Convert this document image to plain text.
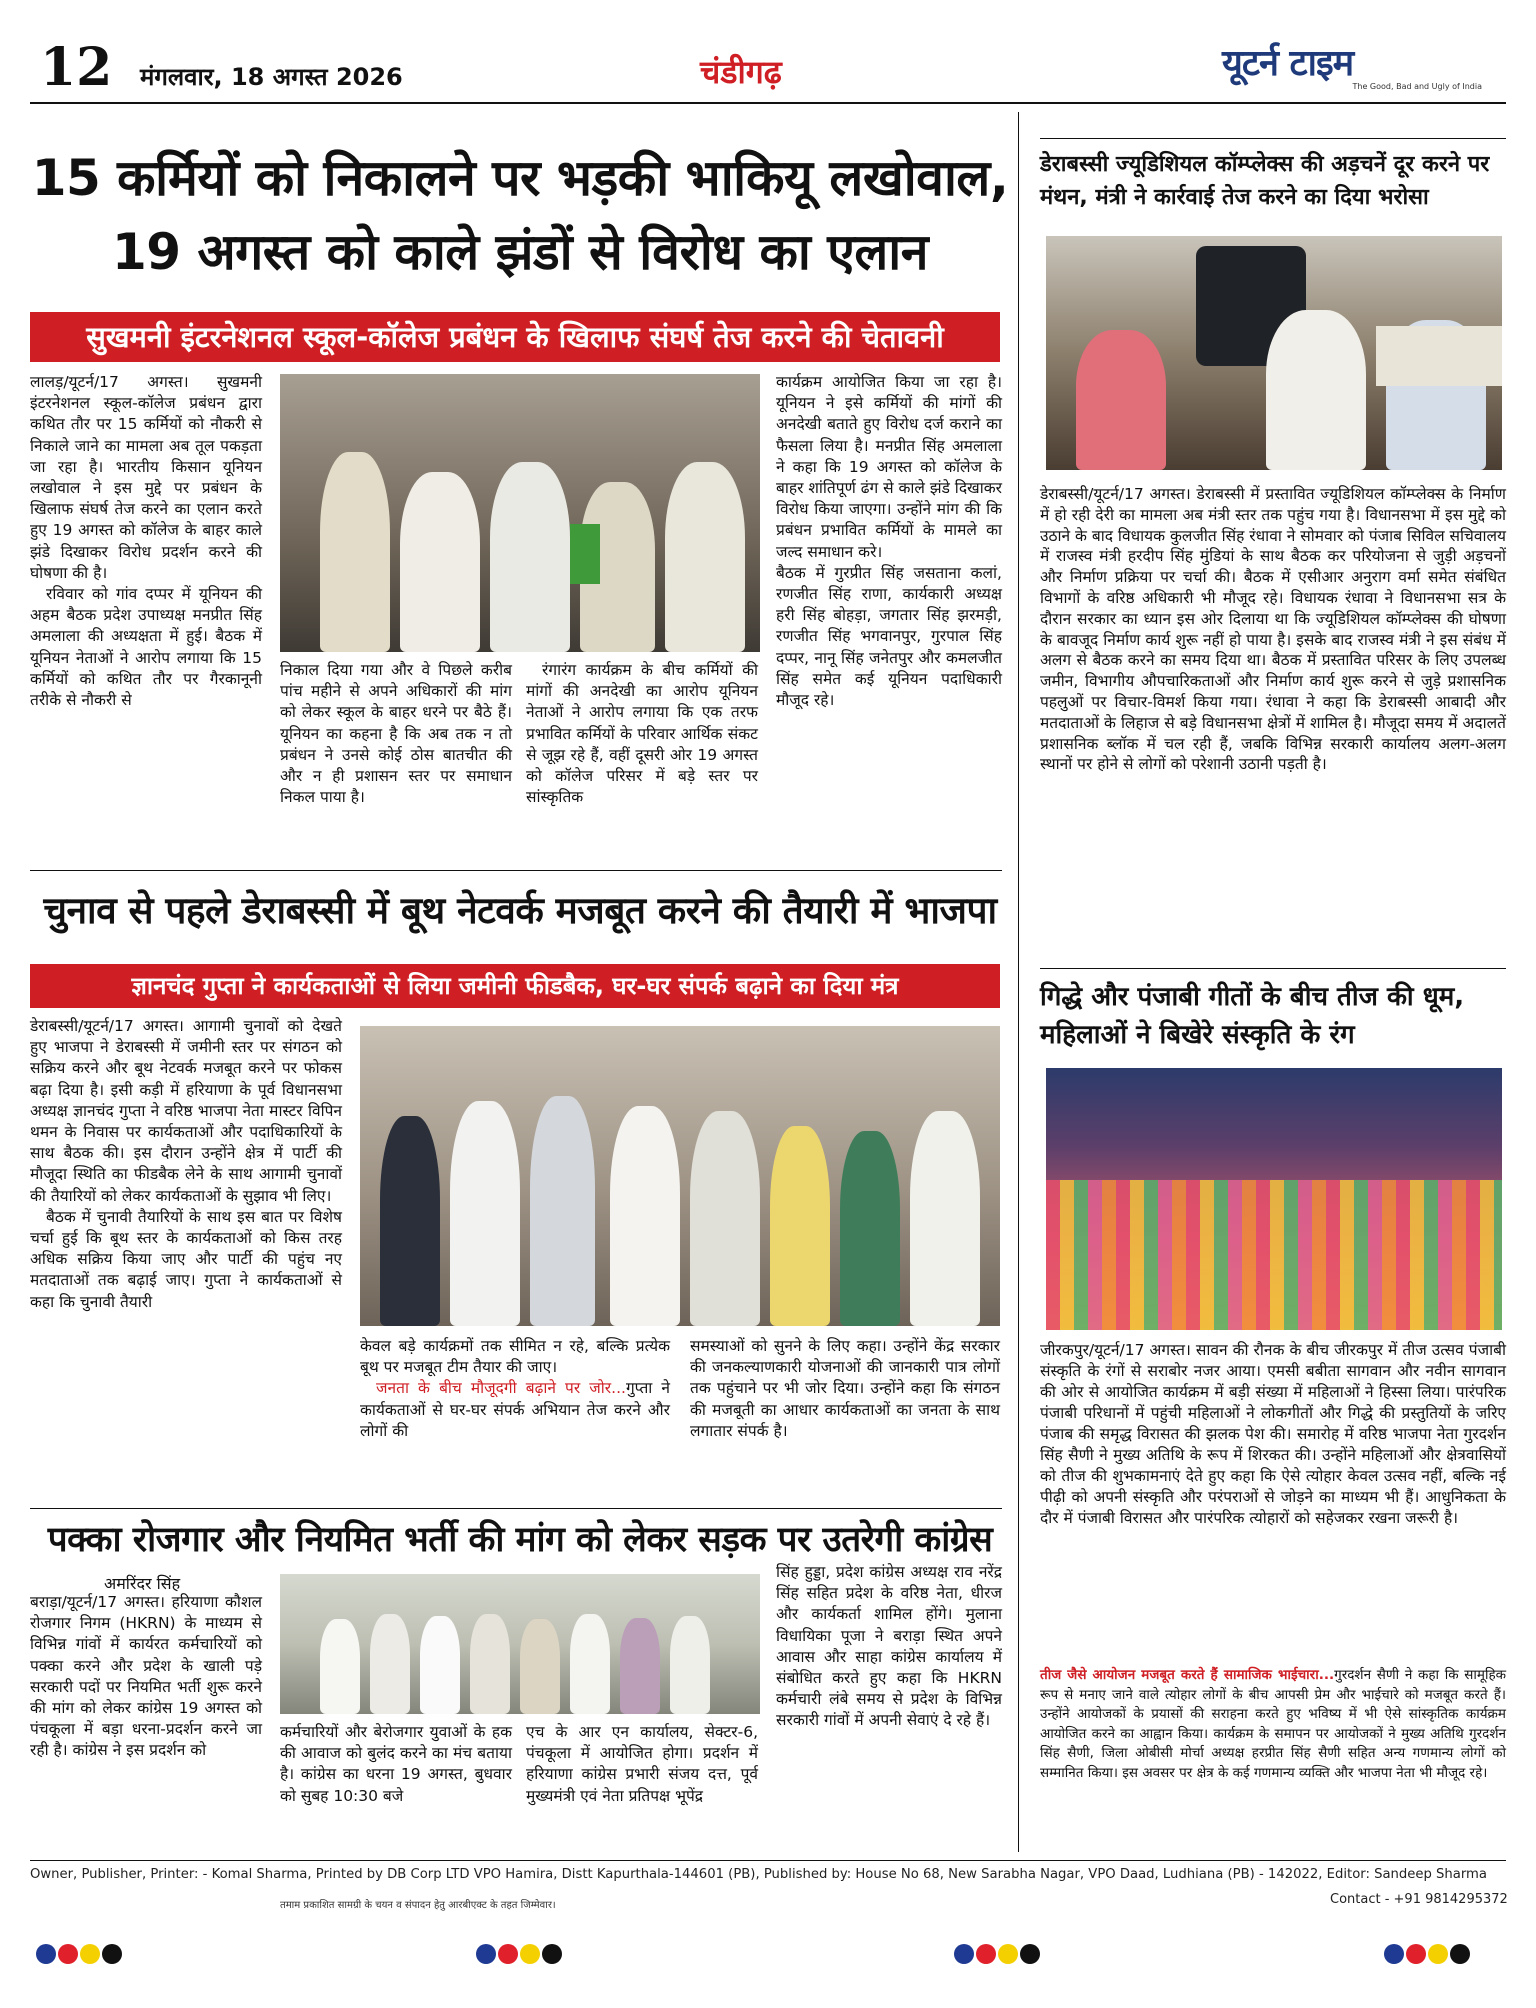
12 मंगलवार, 18 अगस्त 2026	चंडीगढ़	यूटर्न टाइम
The Good, Bad and Ugly of India
15 कर्मियों को निकालने पर भड़की भाकियू लखोवाल,
19 अगस्त को काले झंडों से विरोध का एलान
सुखमनी इंटरनेशनल स्कूल-कॉलेज प्रबंधन के खिलाफ संघर्ष तेज करने की चेतावनी

लालड़/यूटर्न/17 अगस्त। सुखमनी इंटरनेशनल स्कूल-कॉलेज प्रबंधन द्वारा कथित तौर पर 15 कर्मियों को नौकरी से निकाले जाने का मामला अब तूल पकड़ता जा रहा है। भारतीय किसान यूनियन लखोवाल ने इस मुद्दे पर प्रबंधन के खिलाफ संघर्ष तेज करने का एलान करते हुए 19 अगस्त को कॉलेज के बाहर काले झंडे दिखाकर विरोध प्रदर्शन करने की घोषणा की है।

रविवार को गांव दप्पर में यूनियन की अहम बैठक प्रदेश उपाध्यक्ष मनप्रीत सिंह अमलाला की अध्यक्षता में हुई। बैठक में यूनियन नेताओं ने आरोप लगाया कि 15 कर्मियों को कथित तौर पर गैरकानूनी तरीके से नौकरी से

निकाल दिया गया और वे पिछले करीब पांच महीने से अपने अधिकारों की मांग को लेकर स्कूल के बाहर धरने पर बैठे हैं। यूनियन का कहना है कि अब तक न तो प्रबंधन ने उनसे कोई ठोस बातचीत की और न ही प्रशासन स्तर पर समाधान निकल पाया है।
रंगारंग कार्यक्रम के बीच कर्मियों की मांगों की अनदेखी का आरोप यूनियन नेताओं ने आरोप लगाया कि एक तरफ प्रभावित कर्मियों के परिवार आर्थिक संकट से जूझ रहे हैं, वहीं दूसरी ओर 19 अगस्त को कॉलेज परिसर में बड़े स्तर पर सांस्कृतिक

कार्यक्रम आयोजित किया जा रहा है। यूनियन ने इसे कर्मियों की मांगों की अनदेखी बताते हुए विरोध दर्ज कराने का फैसला लिया है। मनप्रीत सिंह अमलाला ने कहा कि 19 अगस्त को कॉलेज के बाहर शांतिपूर्ण ढंग से काले झंडे दिखाकर विरोध किया जाएगा। उन्होंने मांग की कि प्रबंधन प्रभावित कर्मियों के मामले का जल्द समाधान करे।

बैठक में गुरप्रीत सिंह जसताना कलां, रणजीत सिंह राणा, कार्यकारी अध्यक्ष हरी सिंह बोहड़ा, जगतार सिंह झरमड़ी, रणजीत सिंह भगवानपुर, गुरपाल सिंह दप्पर, नानू सिंह जनेतपुर और कमलजीत सिंह समेत कई यूनियन पदाधिकारी मौजूद रहे।

चुनाव से पहले डेराबस्सी में बूथ नेटवर्क मजबूत करने की तैयारी में भाजपा
ज्ञानचंद गुप्ता ने कार्यकताओं से लिया जमीनी फीडबैक, घर-घर संपर्क बढ़ाने का दिया मंत्र

डेराबस्सी/यूटर्न/17 अगस्त। आगामी चुनावों को देखते हुए भाजपा ने डेराबस्सी में जमीनी स्तर पर संगठन को सक्रिय करने और बूथ नेटवर्क मजबूत करने पर फोकस बढ़ा दिया है। इसी कड़ी में हरियाणा के पूर्व विधानसभा अध्यक्ष ज्ञानचंद गुप्ता ने वरिष्ठ भाजपा नेता मास्टर विपिन थमन के निवास पर कार्यकताओं और पदाधिकारियों के साथ बैठक की। इस दौरान उन्होंने क्षेत्र में पार्टी की मौजूदा स्थिति का फीडबैक लेने के साथ आगामी चुनावों की तैयारियों को लेकर कार्यकताओं के सुझाव भी लिए।

बैठक में चुनावी तैयारियों के साथ इस बात पर विशेष चर्चा हुई कि बूथ स्तर के कार्यकताओं को किस तरह अधिक सक्रिय किया जाए और पार्टी की पहुंच नए मतदाताओं तक बढ़ाई जाए। गुप्ता ने कार्यकताओं से कहा कि चुनावी तैयारी

केवल बड़े कार्यक्रमों तक सीमित न रहे, बल्कि प्रत्येक बूथ पर मजबूत टीम तैयार की जाए।

जनता के बीच मौजूदगी बढ़ाने पर जोर...गुप्ता ने कार्यकताओं से घर-घर संपर्क अभियान तेज करने और लोगों की

समस्याओं को सुनने के लिए कहा। उन्होंने केंद्र सरकार की जनकल्याणकारी योजनाओं की जानकारी पात्र लोगों तक पहुंचाने पर भी जोर दिया। उन्होंने कहा कि संगठन की मजबूती का आधार कार्यकताओं का जनता के साथ लगातार संपर्क है।
पक्का रोजगार और नियमित भर्ती की मांग को लेकर सड़क पर उतरेगी कांग्रेस
अमरिंदर सिंह
बराड़ा/यूटर्न/17 अगस्त। हरियाणा कौशल रोजगार निगम (HKRN) के माध्यम से विभिन्न गांवों में कार्यरत कर्मचारियों को पक्का करने और प्रदेश के खाली पड़े सरकारी पदों पर नियमित भर्ती शुरू करने की मांग को लेकर कांग्रेस 19 अगस्त को पंचकूला में बड़ा धरना-प्रदर्शन करने जा रही है। कांग्रेस ने इस प्रदर्शन को
कर्मचारियों और बेरोजगार युवाओं के हक की आवाज को बुलंद करने का मंच बताया है। कांग्रेस का धरना 19 अगस्त, बुधवार को सुबह 10:30 बजे
एच के आर एन कार्यालय, सेक्टर-6, पंचकूला में आयोजित होगा। प्रदर्शन में हरियाणा कांग्रेस प्रभारी संजय दत्त, पूर्व मुख्यमंत्री एवं नेता प्रतिपक्ष भूपेंद्र
सिंह हुड्डा, प्रदेश कांग्रेस अध्यक्ष राव नरेंद्र सिंह सहित प्रदेश के वरिष्ठ नेता, धीरज और कार्यकर्ता शामिल होंगे। मुलाना विधायिका पूजा ने बराड़ा स्थित अपने आवास और साहा कांग्रेस कार्यालय में संबोधित करते हुए कहा कि HKRN कर्मचारी लंबे समय से प्रदेश के विभिन्न सरकारी गांवों में अपनी सेवाएं दे रहे हैं।
डेराबस्सी ज्यूडिशियल कॉम्प्लेक्स की अड़चनें दूर करने पर मंथन, मंत्री ने कार्रवाई तेज करने का दिया भरोसा
डेराबस्सी/यूटर्न/17 अगस्त। डेराबस्सी में प्रस्तावित ज्यूडिशियल कॉम्प्लेक्स के निर्माण में हो रही देरी का मामला अब मंत्री स्तर तक पहुंच गया है। विधानसभा में इस मुद्दे को उठाने के बाद विधायक कुलजीत सिंह रंधावा ने सोमवार को पंजाब सिविल सचिवालय में राजस्व मंत्री हरदीप सिंह मुंडियां के साथ बैठक कर परियोजना से जुड़ी अड़चनों और निर्माण प्रक्रिया पर चर्चा की। बैठक में एसीआर अनुराग वर्मा समेत संबंधित विभागों के वरिष्ठ अधिकारी भी मौजूद रहे। विधायक रंधावा ने विधानसभा सत्र के दौरान सरकार का ध्यान इस ओर दिलाया था कि ज्यूडिशियल कॉम्प्लेक्स की घोषणा के बावजूद निर्माण कार्य शुरू नहीं हो पाया है। इसके बाद राजस्व मंत्री ने इस संबंध में अलग से बैठक करने का समय दिया था। बैठक में प्रस्तावित परिसर के लिए उपलब्ध जमीन, विभागीय औपचारिकताओं और निर्माण कार्य शुरू करने से जुड़े प्रशासनिक पहलुओं पर विचार-विमर्श किया गया। रंधावा ने कहा कि डेराबस्सी आबादी और मतदाताओं के लिहाज से बड़े विधानसभा क्षेत्रों में शामिल है। मौजूदा समय में अदालतें प्रशासनिक ब्लॉक में चल रही हैं, जबकि विभिन्न सरकारी कार्यालय अलग-अलग स्थानों पर होने से लोगों को परेशानी उठानी पड़ती है।
गिद्धे और पंजाबी गीतों के बीच तीज की धूम, महिलाओं ने बिखेरे संस्कृति के रंग
जीरकपुर/यूटर्न/17 अगस्त। सावन की रौनक के बीच जीरकपुर में तीज उत्सव पंजाबी संस्कृति के रंगों से सराबोर नजर आया। एमसी बबीता सागवान और नवीन सागवान की ओर से आयोजित कार्यक्रम में बड़ी संख्या में महिलाओं ने हिस्सा लिया। पारंपरिक पंजाबी परिधानों में पहुंची महिलाओं ने लोकगीतों और गिद्धे की प्रस्तुतियों के जरिए पंजाब की समृद्ध विरासत की झलक पेश की। समारोह में वरिष्ठ भाजपा नेता गुरदर्शन सिंह सैणी ने मुख्य अतिथि के रूप में शिरकत की। उन्होंने महिलाओं और क्षेत्रवासियों को तीज की शुभकामनाएं देते हुए कहा कि ऐसे त्योहार केवल उत्सव नहीं, बल्कि नई पीढ़ी को अपनी संस्कृति और परंपराओं से जोड़ने का माध्यम भी हैं। आधुनिकता के दौर में पंजाबी विरासत और पारंपरिक त्योहारों को सहेजकर रखना जरूरी है।
तीज जैसे आयोजन मजबूत करते हैं सामाजिक भाईचारा...गुरदर्शन सैणी ने कहा कि सामूहिक रूप से मनाए जाने वाले त्योहार लोगों के बीच आपसी प्रेम और भाईचारे को मजबूत करते हैं। उन्होंने आयोजकों के प्रयासों की सराहना करते हुए भविष्य में भी ऐसे सांस्कृतिक कार्यक्रम आयोजित करने का आह्वान किया। कार्यक्रम के समापन पर आयोजकों ने मुख्य अतिथि गुरदर्शन सिंह सैणी, जिला ओबीसी मोर्चा अध्यक्ष हरप्रीत सिंह सैणी सहित अन्य गणमान्य लोगों को सम्मानित किया। इस अवसर पर क्षेत्र के कई गणमान्य व्यक्ति और भाजपा नेता भी मौजूद रहे।
Owner, Publisher, Printer: - Komal Sharma, Printed by DB Corp LTD VPO Hamira, Distt Kapurthala-144601 (PB), Published by: House No 68, New Sarabha Nagar, VPO Daad, Ludhiana (PB) - 142022, Editor: Sandeep Sharma
तमाम प्रकाशित सामग्री के चयन व संपादन हेतु आरबीएक्ट के तहत जिम्मेवार।	Contact - +91 9814295372
